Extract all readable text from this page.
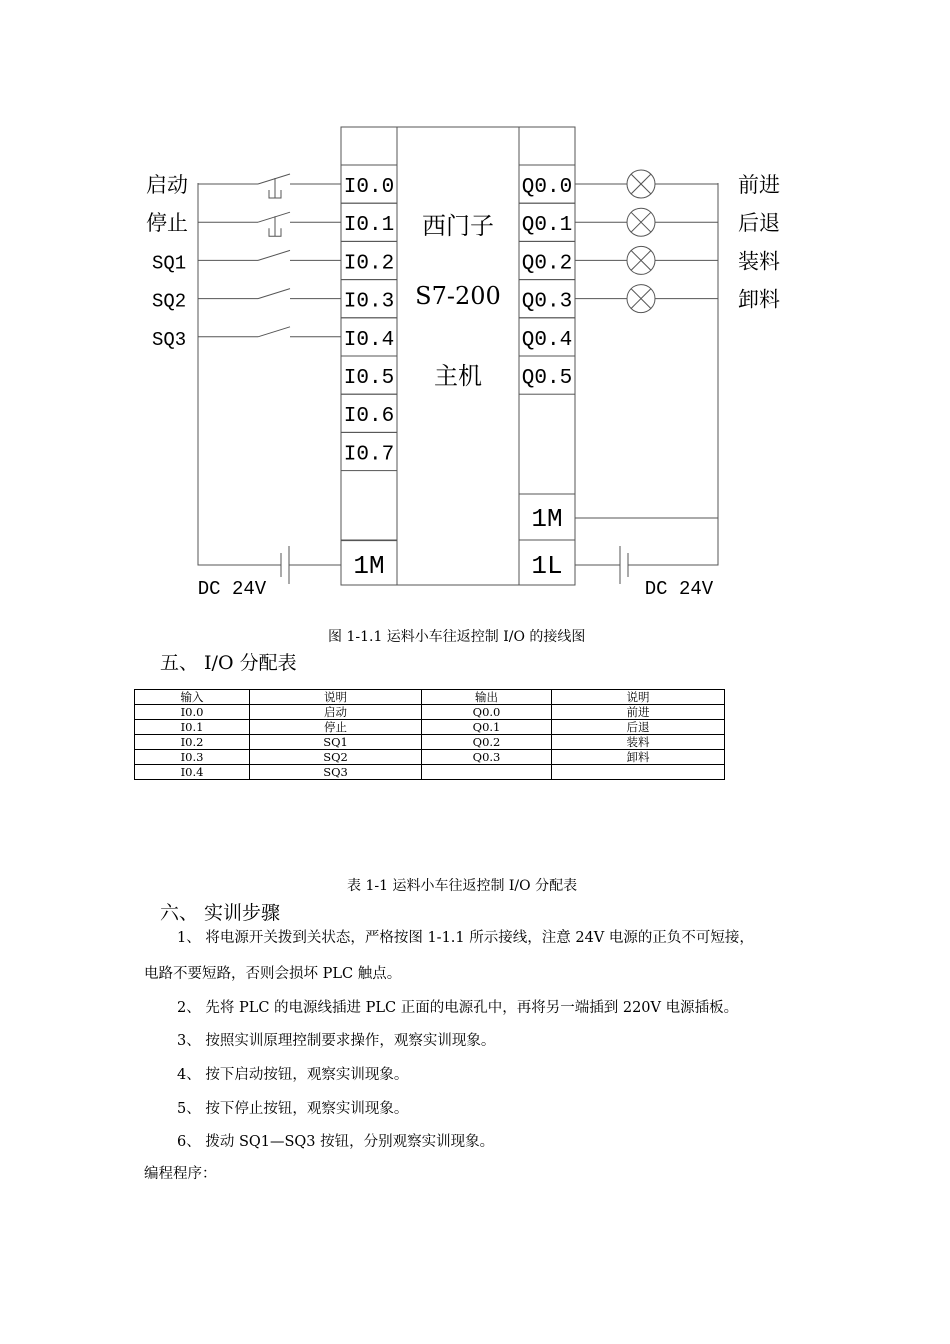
I0.0
I0.1
I0.2
I0.3
I0.4
I0.5
I0.6
I0.7
Q0.0
Q0.1
Q0.2
Q0.3
Q0.4
Q0.5
启动
停止
SQ1
SQ2
SQ3
前进
后退
装料
卸料
西门子
S7-200
主机
1M
1M
1L
DC 24V	DC 24V
图 1-1.1 运料小车往返控制 I/O 的接线图
五、 I/O 分配表
输入	说明	输出	说明
I0.0	启动	Q0.0	前进
I0.1	停止	Q0.1	后退
I0.2	SQ1	Q0.2	装料
I0.3	SQ2	Q0.3	卸料
I0.4	SQ3		
表 1-1 运料小车往返控制 I/O 分配表
六、 实训步骤
1、 将电源开关拨到关状态，严格按图 1-1.1 所示接线，注意 24V 电源的正负不可短接，
电路不要短路，否则会损坏 PLC 触点。
2、 先将 PLC 的电源线插进 PLC 正面的电源孔中，再将另一端插到 220V 电源插板。
3、 按照实训原理控制要求操作，观察实训现象。
4、 按下启动按钮，观察实训现象。
5、 按下停止按钮，观察实训现象。
6、 拨动 SQ1—SQ3 按钮，分别观察实训现象。
编程程序：
